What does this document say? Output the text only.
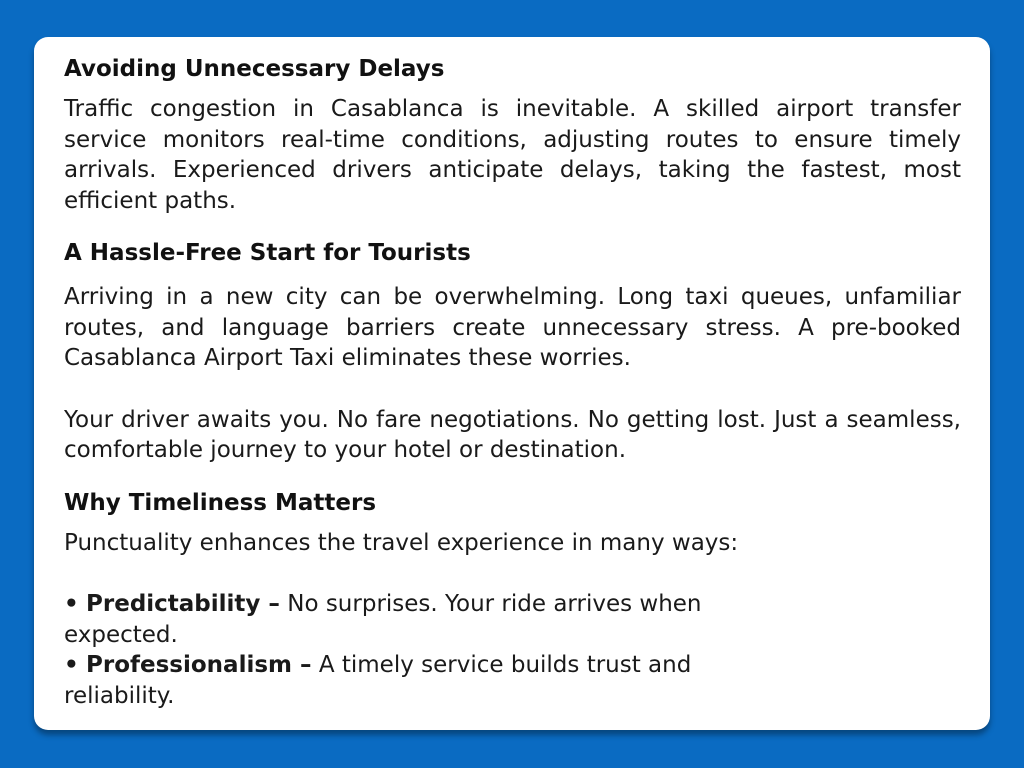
Avoiding Unnecessary Delays

Traffic congestion in Casablanca is inevitable. A skilled airport transfer service monitors real-time conditions, adjusting routes to ensure timely arrivals. Experienced drivers anticipate delays, taking the fastest, most efficient paths.

A Hassle-Free Start for Tourists

Arriving in a new city can be overwhelming. Long taxi queues, unfamiliar routes, and language barriers create unnecessary stress. A pre-booked Casablanca Airport Taxi eliminates these worries.

Your driver awaits you. No fare negotiations. No getting lost. Just a seamless, comfortable journey to your hotel or destination.

Why Timeliness Matters

Punctuality enhances the travel experience in many ways:

• Predictability – No surprises. Your ride arrives when expected.

• Professionalism – A timely service builds trust and reliability.
